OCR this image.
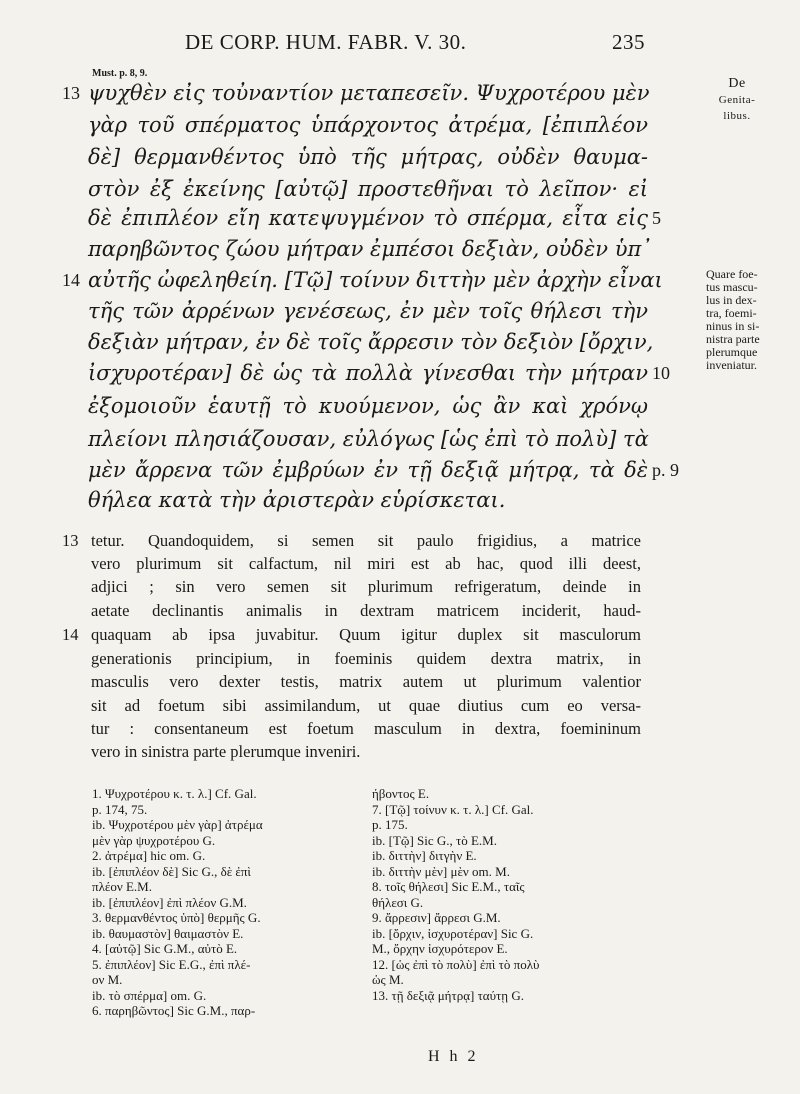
DE CORP. HUM. FABR. V. 30.	235
Must. p. 8, 9.
De
Genita-
libus.
Quare foe-
tus mascu-
lus in dex-
tra, foemi-
ninus in si-
nistra parte
plerumque
inveniatur.
13 ψυχθὲν εἰς τοὐναντίον μεταπεσεῖν. Ψυχροτέρου μὲν
γὰρ τοῦ σπέρματος ὑπάρχοντος ἀτρέμα, [ἐπιπλέον
δὲ] θερμανθέντος ὑπὸ τῆς μήτρας, οὐδὲν θαυμα-
στὸν ἐξ ἐκείνης [αὐτῷ] προστεθῆναι τὸ λεῖπον· εἰ
δὲ ἐπιπλέον εἴη κατεψυγμένον τὸ σπέρμα, εἶτα εἰς 5
παρηβῶντος ζώου μήτραν ἐμπέσοι δεξιὰν, οὐδὲν ὑπ᾿
14 αὐτῆς ὠφεληθείη. [Τῷ] τοίνυν διττὴν μὲν ἀρχὴν εἶναι
τῆς τῶν ἀρρένων γενέσεως, ἐν μὲν τοῖς θήλεσι τὴν
δεξιὰν μήτραν, ἐν δὲ τοῖς ἄρρεσιν τὸν δεξιὸν [ὄρχιν,
ἰσχυροτέραν] δὲ ὡς τὰ πολλὰ γίνεσθαι τὴν μήτραν 10
ἐξομοιοῦν ἑαυτῇ τὸ κυούμενον, ὡς ἂν καὶ χρόνῳ
πλείονι πλησιάζουσαν, εὐλόγως [ὡς ἐπὶ τὸ πολὺ] τὰ
μὲν ἄρρενα τῶν ἐμβρύων ἐν τῇ δεξιᾷ μήτρᾳ, τὰ δὲ p. 9
θήλεα κατὰ τὴν ἀριστερὰν εὑρίσκεται.
13 tetur. Quandoquidem, si semen sit paulo frigidius, a matrice
vero plurimum sit calfactum, nil miri est ab hac, quod illi deest,
adjici ; sin vero semen sit plurimum refrigeratum, deinde in
aetate declinantis animalis in dextram matricem inciderit, haud-
14 quaquam ab ipsa juvabitur. Quum igitur duplex sit masculorum
generationis principium, in foeminis quidem dextra matrix, in
masculis vero dexter testis, matrix autem ut plurimum valentior
sit ad foetum sibi assimilandum, ut quae diutius cum eo versa-
tur : consentaneum est foetum masculum in dextra, foemininum
vero in sinistra parte plerumque inveniri.
1. Ψυχροτέρου κ. τ. λ.] Cf. Gal.
p. 174, 75.
ib. Ψυχροτέρου μὲν γὰρ] ἀτρέμα
μὲν γὰρ ψυχροτέρου G.
2. ἀτρέμα] hic om. G.
ib. [ἐπιπλέον δὲ] Sic G., δὲ ἐπὶ
πλέον E.M.
ib. [ἐπιπλέον] ἐπὶ πλέον G.M.
3. θερμανθέντος ὑπὸ] θερμῆς G.
ib. θαυμαστὸν] θαιμαστὸν E.
4. [αὐτῷ] Sic G.M., αὐτὸ E.
5. ἐπιπλέον] Sic E.G., ἐπὶ πλέ-
ον M.
ib. τὸ σπέρμα] om. G.
6. παρηβῶντος] Sic G.M., παρ-
ήβοντος E.
7. [Τῷ] τοίνυν κ. τ. λ.] Cf. Gal.
p. 175.
ib. [Τῷ] Sic G., τὸ E.M.
ib. διττὴν] διτγὴν E.
ib. διττὴν μὲν] μὲν om. M.
8. τοῖς θήλεσι] Sic E.M., ταῖς
θήλεσι G.
9. ἄρρεσιν] ἄρρεσι G.M.
ib. [ὄρχιν, ἰσχυροτέραν] Sic G.
M., ὄρχην ἰσχυρότερον E.
12. [ὡς ἐπὶ τὸ πολὺ] ἐπὶ τὸ πολὺ
ὡς M.
13. τῇ δεξιᾷ μήτρᾳ] ταύτῃ G.
H h 2
